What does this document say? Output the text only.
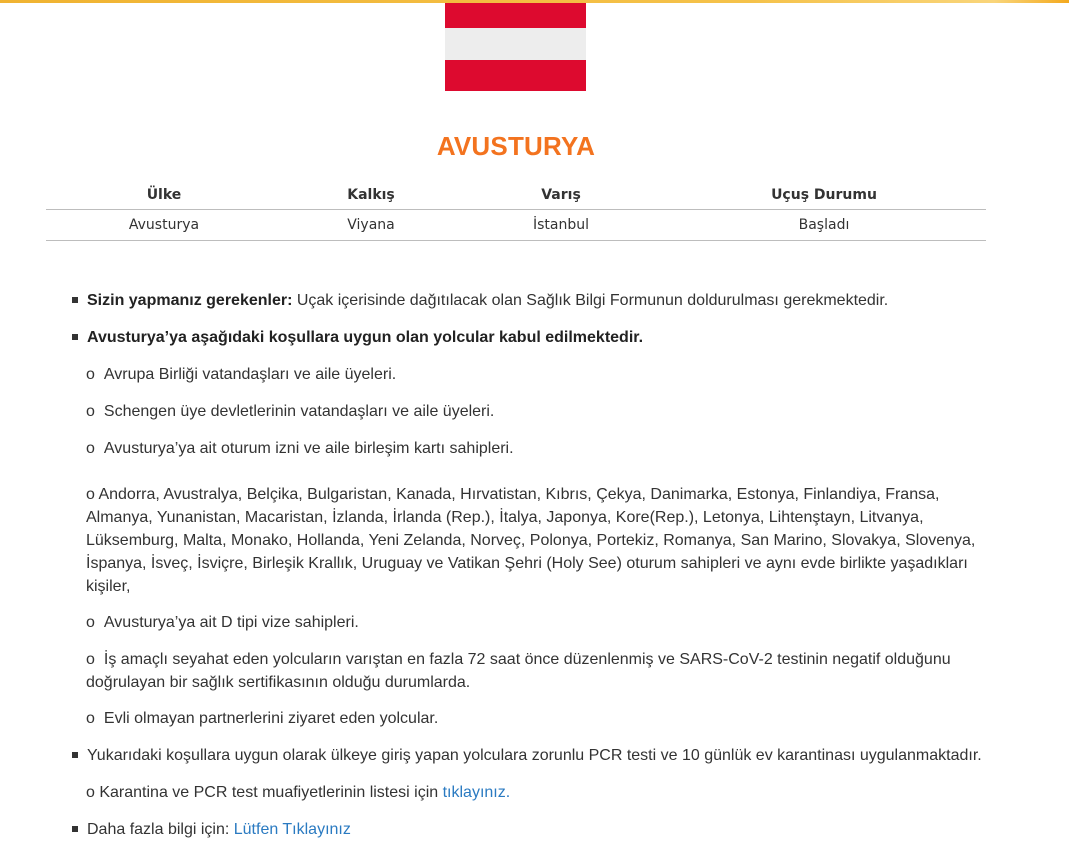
AVUSTURYA
Ülke	Kalkış	Varış	Uçuş Durumu
Avusturya	Viyana	İstanbul	Başladı

Sizin yapmanız gerekenler: Uçak içerisinde dağıtılacak olan Sağlık Bilgi Formunun doldurulması gerekmektedir.

Avusturya’ya aşağıdaki koşullara uygun olan yolcular kabul edilmektedir.

o Avrupa Birliği vatandaşları ve aile üyeleri.

o Schengen üye devletlerinin vatandaşları ve aile üyeleri.

o Avusturya’ya ait oturum izni ve aile birleşim kartı sahipleri.

o Andorra, Avustralya, Belçika, Bulgaristan, Kanada, Hırvatistan, Kıbrıs, Çekya, Danimarka, Estonya, Finlandiya, Fransa, Almanya, Yunanistan, Macaristan, İzlanda, İrlanda (Rep.), İtalya, Japonya, Kore(Rep.), Letonya, Lihtenştayn, Litvanya, Lüksemburg, Malta, Monako, Hollanda, Yeni Zelanda, Norveç, Polonya, Portekiz, Romanya, San Marino, Slovakya, Slovenya, İspanya, İsveç, İsviçre, Birleşik Krallık, Uruguay ve Vatikan Şehri (Holy See) oturum sahipleri ve aynı evde birlikte yaşadıkları kişiler,

o Avusturya’ya ait D tipi vize sahipleri.

o İş amaçlı seyahat eden yolcuların varıştan en fazla 72 saat önce düzenlenmiş ve SARS-CoV-2 testinin negatif olduğunu doğrulayan bir sağlık sertifikasının olduğu durumlarda.

o Evli olmayan partnerlerini ziyaret eden yolcular.

Yukarıdaki koşullara uygun olarak ülkeye giriş yapan yolculara zorunlu PCR testi ve 10 günlük ev karantinası uygulanmaktadır.

o Karantina ve PCR test muafiyetlerinin listesi için tıklayınız.

Daha fazla bilgi için: Lütfen Tıklayınız
